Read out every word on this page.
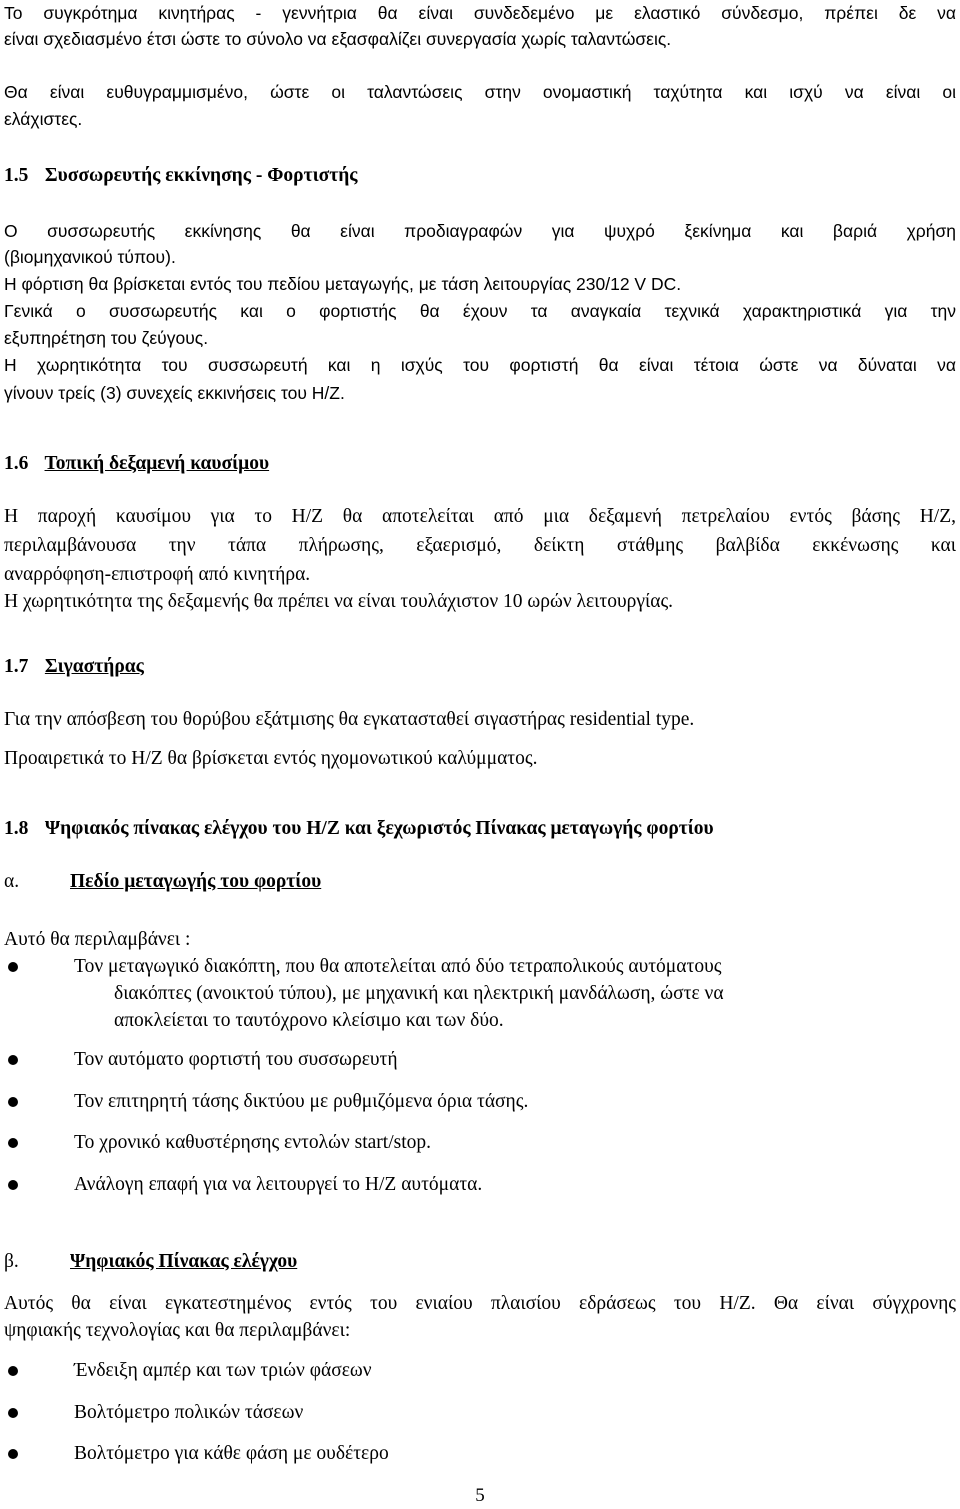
Το συγκρότημα κινητήρας - γεννήτρια θα είναι συνδεδεμένο με ελαστικό σύνδεσμο, πρέπει δε να
είναι σχεδιασμένο έτσι ώστε το σύνολο να εξασφαλίζει συνεργασία χωρίς ταλαντώσεις.
Θα είναι ευθυγραμμισμένο, ώστε οι ταλαντώσεις στην ονομαστική ταχύτητα και ισχύ να είναι οι
ελάχιστες.
1.5 Συσσωρευτής εκκίνησης - Φορτιστής
Ο συσσωρευτής εκκίνησης θα είναι προδιαγραφών για ψυχρό ξεκίνημα και βαριά χρήση
(βιομηχανικού τύπου).
Η φόρτιση θα βρίσκεται εντός του πεδίου μεταγωγής, με τάση λειτουργίας 230/12 V DC.
Γενικά ο συσσωρευτής και ο φορτιστής θα έχουν τα αναγκαία τεχνικά χαρακτηριστικά για την
εξυπηρέτηση του ζεύγους.
Η χωρητικότητα του συσσωρευτή και η ισχύς του φορτιστή θα είναι τέτοια ώστε να δύναται να
γίνουν τρείς (3) συνεχείς εκκινήσεις του Η/Ζ.
1.6 Τοπική δεξαμενή καυσίμου
Η παροχή καυσίμου για το Η/Ζ θα αποτελείται από μια δεξαμενή πετρελαίου εντός βάσης Η/Ζ,
περιλαμβάνουσα την τάπα πλήρωσης, εξαερισμό, δείκτη στάθμης βαλβίδα εκκένωσης και
αναρρόφηση-επιστροφή από κινητήρα.
Η χωρητικότητα της δεξαμενής θα πρέπει να είναι τουλάχιστον 10 ωρών λειτουργίας.
1.7 Σιγαστήρας
Για την απόσβεση του θορύβου εξάτμισης θα εγκατασταθεί σιγαστήρας residential type.
Προαιρετικά το Η/Ζ θα βρίσκεται εντός ηχομονωτικού καλύμματος.
1.8 Ψηφιακός πίνακας ελέγχου του Η/Ζ και ξεχωριστός Πίνακας μεταγωγής φορτίου
α.	Πεδίο μεταγωγής του φορτίου
Αυτό θα περιλαμβάνει :
Τον μεταγωγικό διακόπτη, που θα αποτελείται από δύο τετραπολικούς αυτόματους
διακόπτες (ανοικτού τύπου), με μηχανική και ηλεκτρική μανδάλωση, ώστε να
αποκλείεται το ταυτόχρονο κλείσιμο και των δύο.
Τον αυτόματο φορτιστή του συσσωρευτή
Τον επιτηρητή τάσης δικτύου με ρυθμιζόμενα όρια τάσης.
Το χρονικό καθυστέρησης εντολών start/stop.
Ανάλογη επαφή για να λειτουργεί το Η/Ζ αυτόματα.
β.	Ψηφιακός Πίνακας ελέγχου
Αυτός θα είναι εγκατεστημένος εντός του ενιαίου πλαισίου εδράσεως του Η/Ζ. Θα είναι σύγχρονης
ψηφιακής τεχνολογίας και θα περιλαμβάνει:
Ένδειξη αμπέρ και των τριών φάσεων
Βολτόμετρο πολικών τάσεων
Βολτόμετρο για κάθε φάση με ουδέτερο
5
